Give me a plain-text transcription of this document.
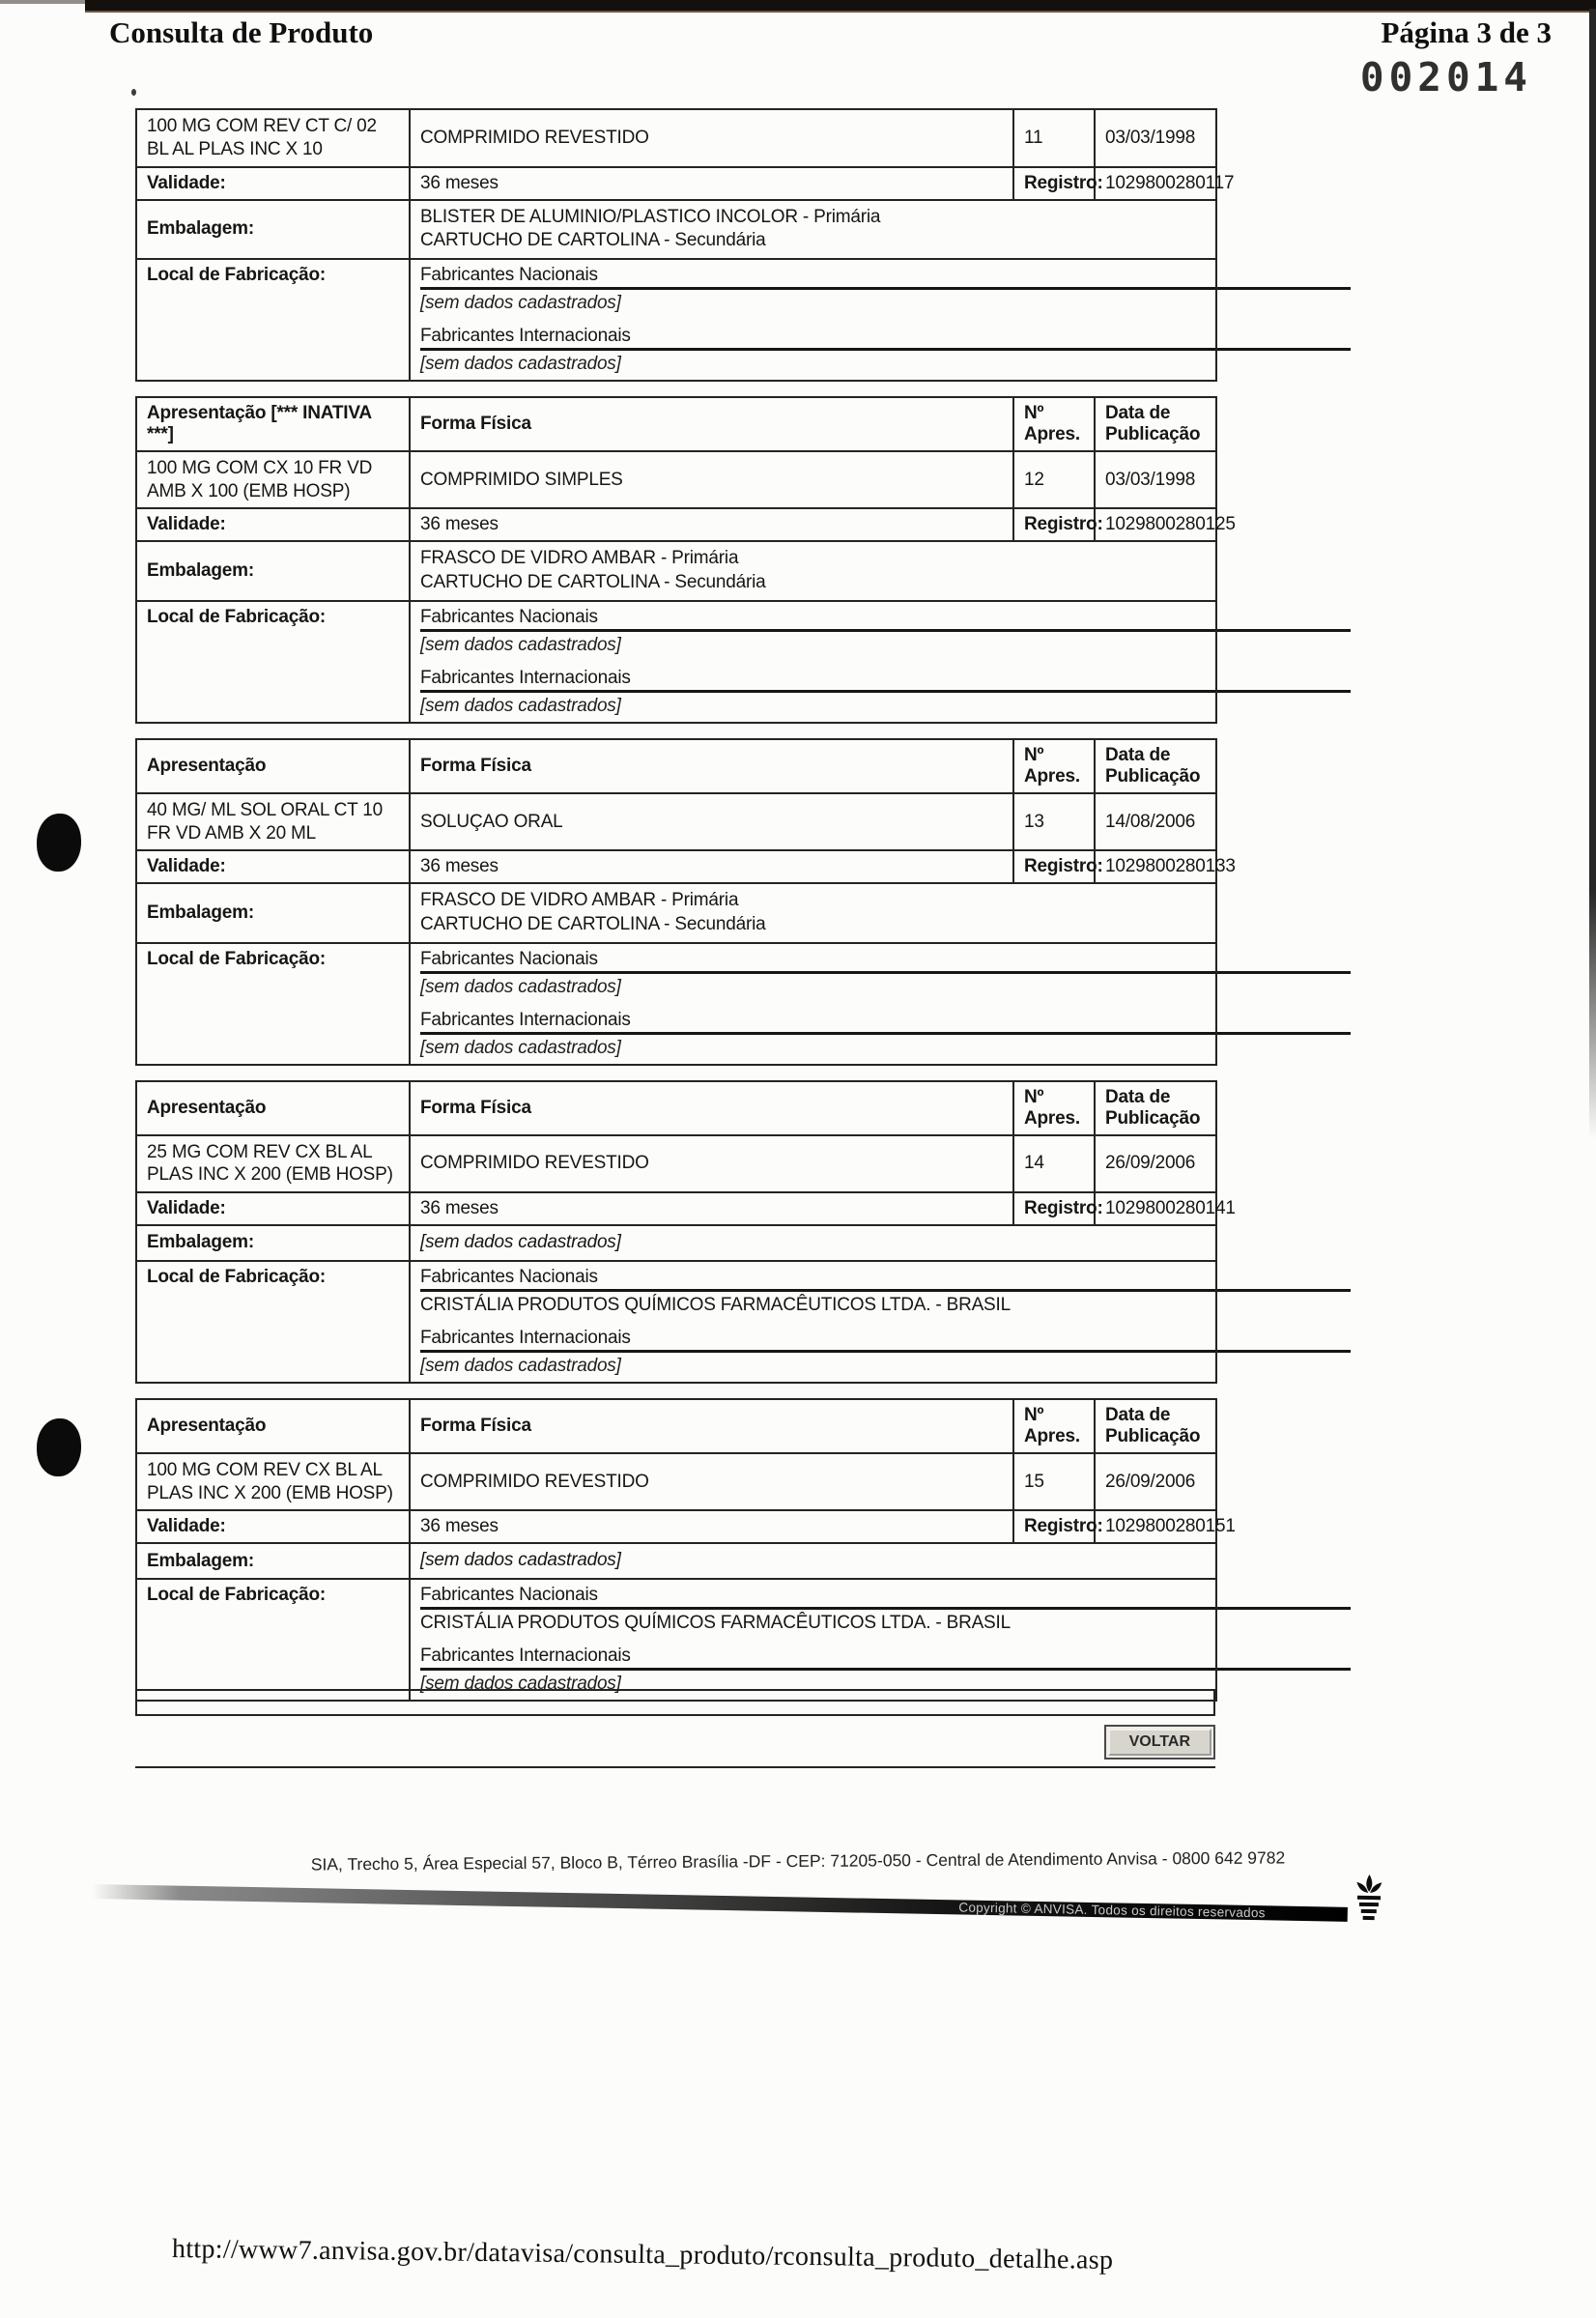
Consulta de Produto	Página 3 de 3
002014
100 MG COM REV CT C/ 02 BL AL PLAS INC X 10	COMPRIMIDO REVESTIDO	11	03/03/1998
Validade:	36 meses	Registro:	1029800280117
Embalagem:	BLISTER DE ALUMINIO/PLASTICO INCOLOR - Primária
CARTUCHO DE CARTOLINA - Secundária		

Local de Fabricação:	Fabricantes Nacionais
[sem dados cadastrados]
Fabricantes Internacionais
[sem dados cadastrados]		
Apresentação [*** INATIVA ***]	Forma Física	Nº Apres.	Data de Publicação
100 MG COM CX 10 FR VD AMB X 100 (EMB HOSP)	COMPRIMIDO SIMPLES	12	03/03/1998
Validade:	36 meses	Registro:	1029800280125
Embalagem:	FRASCO DE VIDRO AMBAR - Primária
CARTUCHO DE CARTOLINA - Secundária		

Local de Fabricação:	Fabricantes Nacionais
[sem dados cadastrados]
Fabricantes Internacionais
[sem dados cadastrados]		
Apresentação	Forma Física	Nº Apres.	Data de Publicação
40 MG/ ML SOL ORAL CT 10 FR VD AMB X 20 ML	SOLUÇAO ORAL	13	14/08/2006
Validade:	36 meses	Registro:	1029800280133
Embalagem:	FRASCO DE VIDRO AMBAR - Primária
CARTUCHO DE CARTOLINA - Secundária		

Local de Fabricação:	Fabricantes Nacionais
[sem dados cadastrados]
Fabricantes Internacionais
[sem dados cadastrados]		
Apresentação	Forma Física	Nº Apres.	Data de Publicação
25 MG COM REV CX BL AL PLAS INC X 200 (EMB HOSP)	COMPRIMIDO REVESTIDO	14	26/09/2006
Validade:	36 meses	Registro:	1029800280141
Embalagem:	[sem dados cadastrados]		
Local de Fabricação:	Fabricantes Nacionais
CRISTÁLIA PRODUTOS QUÍMICOS FARMACÊUTICOS LTDA. - BRASIL
Fabricantes Internacionais
[sem dados cadastrados]		
Apresentação	Forma Física	Nº Apres.	Data de Publicação
100 MG COM REV CX BL AL PLAS INC X 200 (EMB HOSP)	COMPRIMIDO REVESTIDO	15	26/09/2006
Validade:	36 meses	Registro:	1029800280151
Embalagem:	[sem dados cadastrados]		
Local de Fabricação:	Fabricantes Nacionais
CRISTÁLIA PRODUTOS QUÍMICOS FARMACÊUTICOS LTDA. - BRASIL
Fabricantes Internacionais
[sem dados cadastrados]		
VOLTAR
SIA, Trecho 5, Área Especial 57, Bloco B, Térreo Brasília -DF - CEP: 71205-050 - Central de Atendimento Anvisa - 0800 642 9782
Copyright © ANVISA. Todos os direitos reservados
http://www7.anvisa.gov.br/datavisa/consulta_produto/rconsulta_produto_detalhe.asp
